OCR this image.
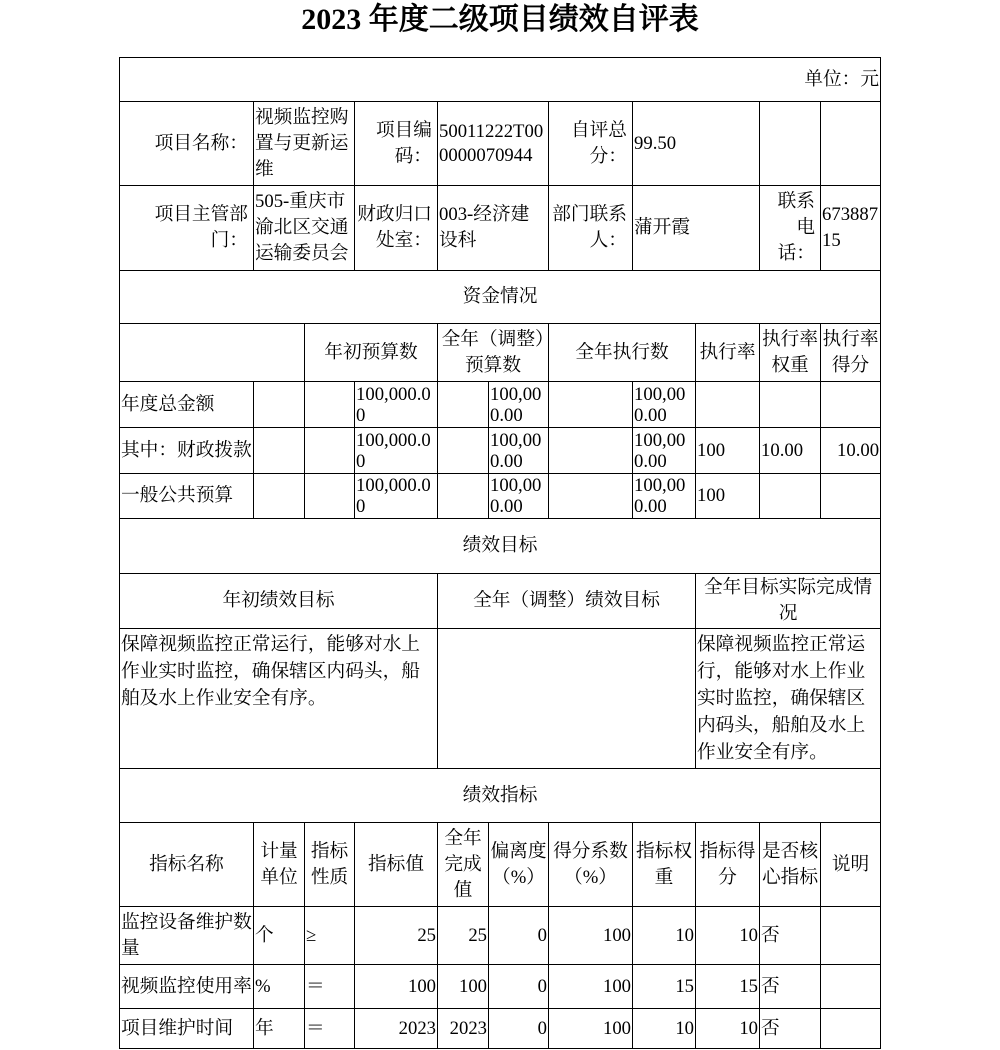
2023 年度二级项目绩效自评表
单位：元										
项目名称：	视频监控购置与更新运维		项目编码：	50011222T000000070944		自评总分：	99.50			
项目主管部门：	505-重庆市渝北区交通运输委员会		财政归口处室：	003-经济建设科		部门联系人：	蒲开霞		联系电话：	67388715
资金情况										
		年初预算数		全年（调整）预算数		全年执行数		执行率	执行率权重	执行率得分
年度总金额			100,000.00		100,000.00		100,000.00			
其中：财政拨款			100,000.00		100,000.00		100,000.00	100	10.00	10.00
一般公共预算			100,000.00		100,000.00		100,000.00	100		
绩效目标										
年初绩效目标				全年（调整）绩效目标				全年目标实际完成情况		
保障视频监控正常运行，能够对水上作业实时监控，确保辖区内码头，船舶及水上作业安全有序。								保障视频监控正常运行，能够对水上作业实时监控，确保辖区内码头，船舶及水上作业安全有序。		
绩效指标										
指标名称	计量单位	指标性质	指标值	全年完成值	偏离度（%）	得分系数（%）	指标权重	指标得分	是否核心指标	说明
监控设备维护数量	个	≥	25	25	0	100	10	10	否	
视频监控使用率	%	＝	100	100	0	100	15	15	否	
项目维护时间	年	＝	2023	2023	0	100	10	10	否	
